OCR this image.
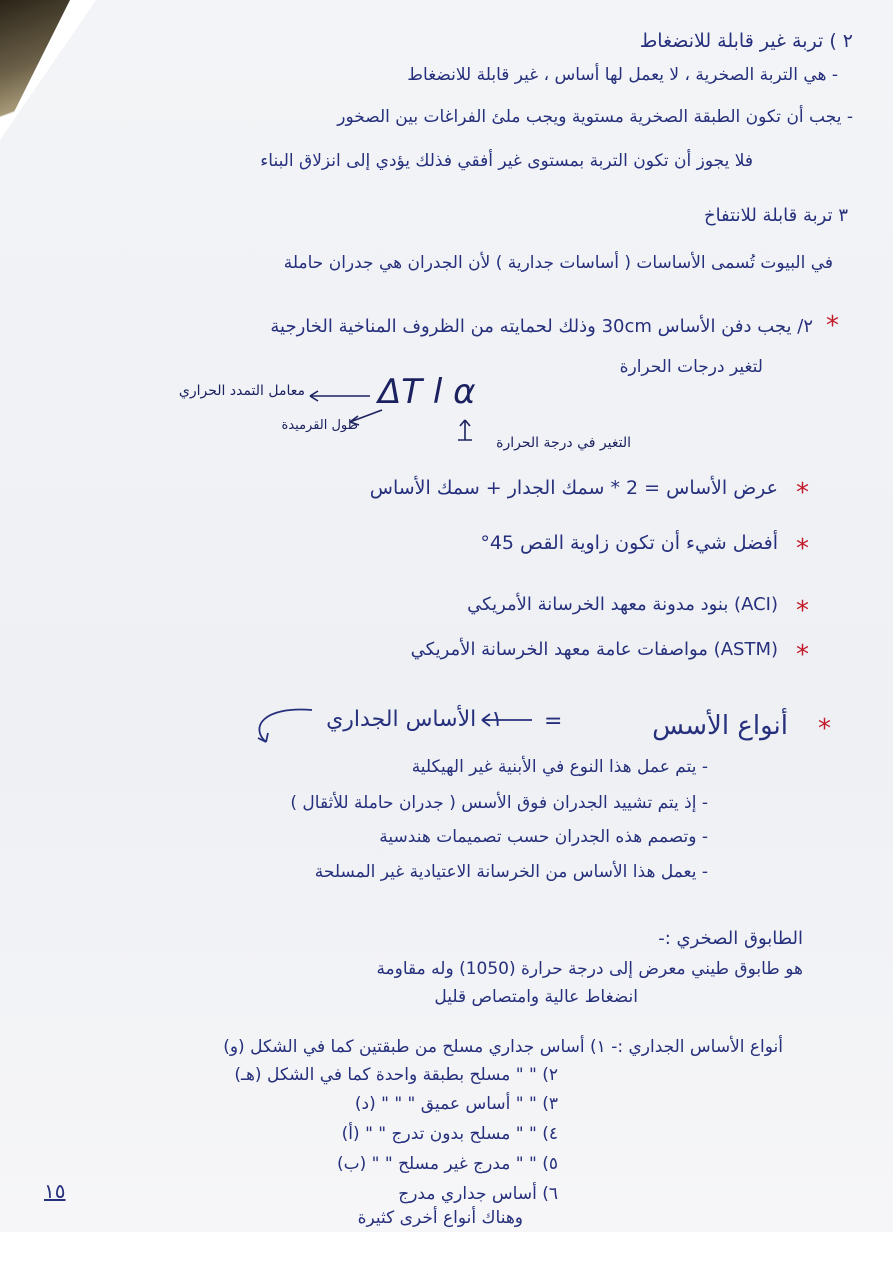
٢ ) تربة غير قابلة للانضغاط
- هي التربة الصخرية ، لا يعمل لها أساس ، غير قابلة للانضغاط
- يجب أن تكون الطبقة الصخرية مستوية ويجب ملئ الفراغات بين الصخور
فلا يجوز أن تكون التربة بمستوى غير أفقي فذلك يؤدي إلى انزلاق البناء
٣ تربة قابلة للانتفاخ
في البيوت تُسمى الأساسات ( أساسات جدارية ) لأن الجدران هي جدران حاملة
*
٢/ يجب دفن الأساس 30cm وذلك لحمايته من الظروف المناخية الخارجية
لتغير درجات الحرارة
ΔT l α
معامل التمدد الحراري
طول القرميدة
التغير في درجة الحرارة
*
عرض الأساس = 2 * سمك الجدار + سمك الأساس
*
أفضل شيء أن تكون زاوية القص 45°
*
(ACI) بنود مدونة معهد الخرسانة الأمريكي
*
(ASTM) مواصفات عامة معهد الخرسانة الأمريكي
*
أنواع الأسس
=
١- الأساس الجداري
- يتم عمل هذا النوع في الأبنية غير الهيكلية
- إذ يتم تشييد الجدران فوق الأسس ( جدران حاملة للأثقال )
- وتصمم هذه الجدران حسب تصميمات هندسية
- يعمل هذا الأساس من الخرسانة الاعتيادية غير المسلحة
الطابوق الصخري :-
هو طابوق طيني معرض إلى درجة حرارة (1050) وله مقاومة
انضغاط عالية وامتصاص قليل
أنواع الأساس الجداري :- ١) أساس جداري مسلح من طبقتين كما في الشكل (و)
٢) " " مسلح بطبقة واحدة كما في الشكل (هـ)
٣) " " أساس عميق " " " (د)
٤) " " مسلح بدون تدرج " " (أ)
٥) " " مدرج غير مسلح " " (ب)
٦) أساس جداري مدرج
وهناك أنواع أخرى كثيرة
١٥
